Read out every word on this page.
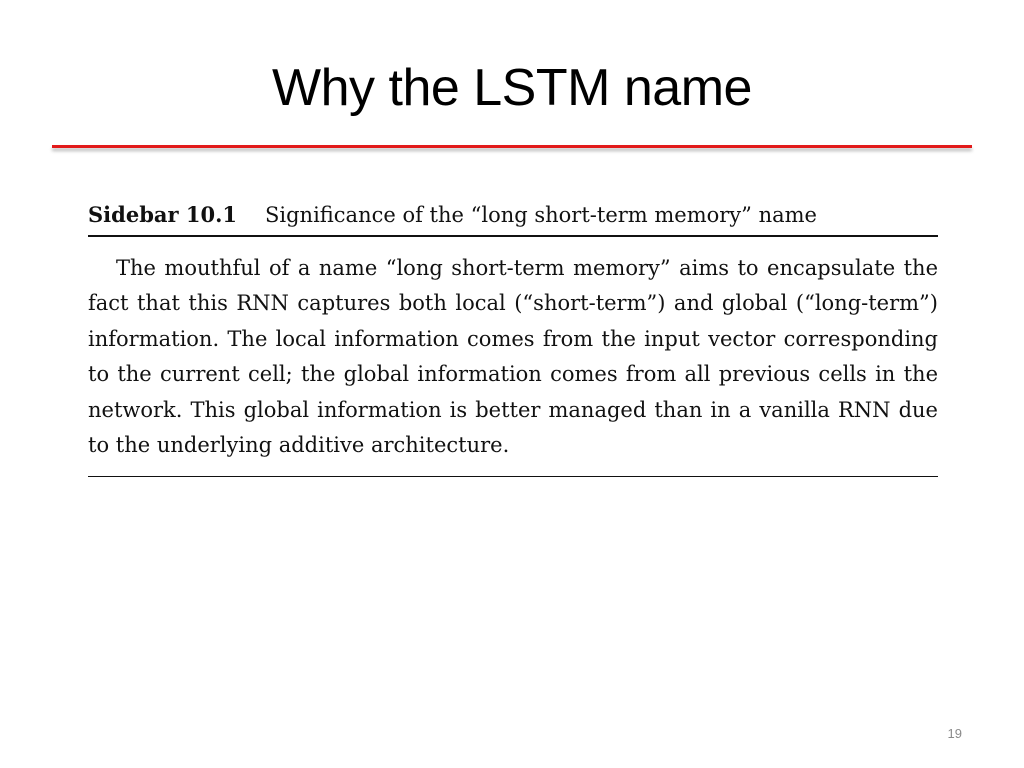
Why the LSTM name
Sidebar 10.1 Significance of the “long short-term memory” name
The mouthful of a name “long short-term memory” aims to encapsulate the fact that this RNN captures both local (“short-term”) and global (“long-term”) information. The local information comes from the input vector corresponding to the current cell; the global information comes from all previous cells in the network. This global information is better managed than in a vanilla RNN due to the underlying additive architecture.
19
